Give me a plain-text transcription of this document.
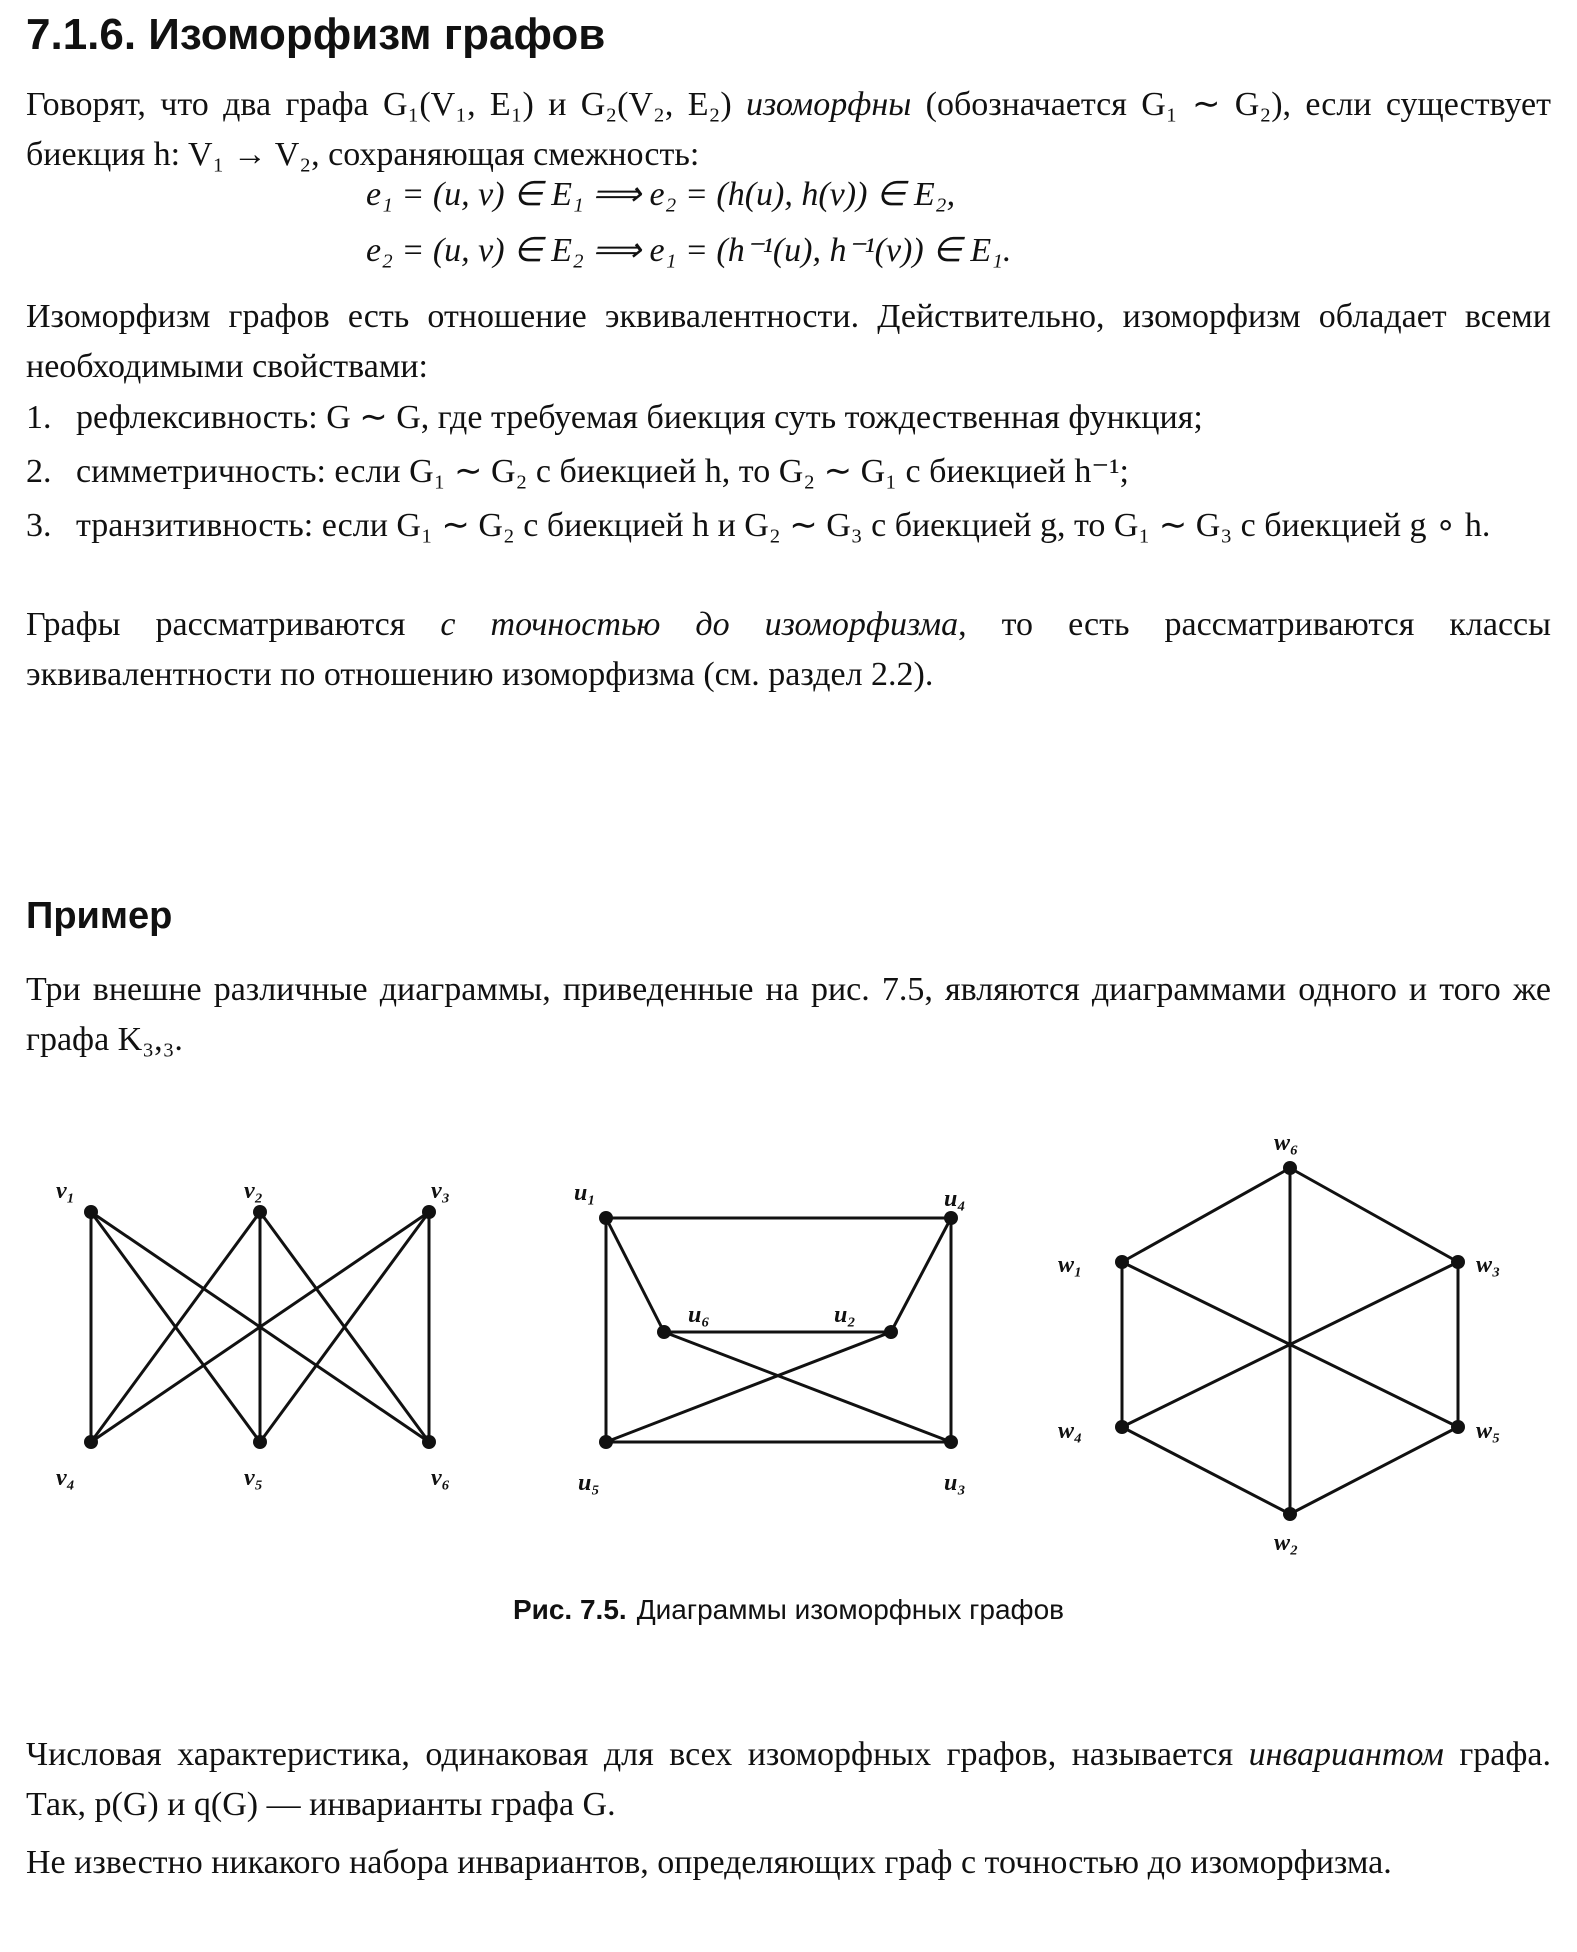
7.1.6. Изоморфизм графов
Говорят, что два графа G₁(V₁, E₁) и G₂(V₂, E₂) изоморфны (обозначается G₁ ∼ G₂), если существует биекция h: V₁ → V₂, сохраняющая смежность:
e₁ = (u, v) ∈ E₁ ⟹ e₂ = (h(u), h(v)) ∈ E₂,
e₂ = (u, v) ∈ E₂ ⟹ e₁ = (h⁻¹(u), h⁻¹(v)) ∈ E₁.
Изоморфизм графов есть отношение эквивалентности. Действительно, изоморфизм обладает всеми необходимыми свойствами:
1. рефлексивность: G ∼ G, где требуемая биекция суть тождественная функция;
2. симметричность: если G₁ ∼ G₂ с биекцией h, то G₂ ∼ G₁ с биекцией h⁻¹;
3. транзитивность: если G₁ ∼ G₂ с биекцией h и G₂ ∼ G₃ с биекцией g, то G₁ ∼ G₃ с биекцией g ∘ h.
Графы рассматриваются с точностью до изоморфизма, то есть рассматриваются классы эквивалентности по отношению изоморфизма (см. раздел 2.2).
Пример
Три внешне различные диаграммы, приведенные на рис. 7.5, являются диаграммами одного и того же графа K₃,₃.
v₁	v₂	v₃
v₄	v₅	v₆
u₁	u₄
u₆	u₂
u₅	u₃
w₆
w₁	w₃
w₄	w₅
w₂
Рис. 7.5. Диаграммы изоморфных графов
Числовая характеристика, одинаковая для всех изоморфных графов, называется инвариантом графа. Так, p(G) и q(G) — инварианты графа G.
Не известно никакого набора инвариантов, определяющих граф с точностью до изоморфизма.
